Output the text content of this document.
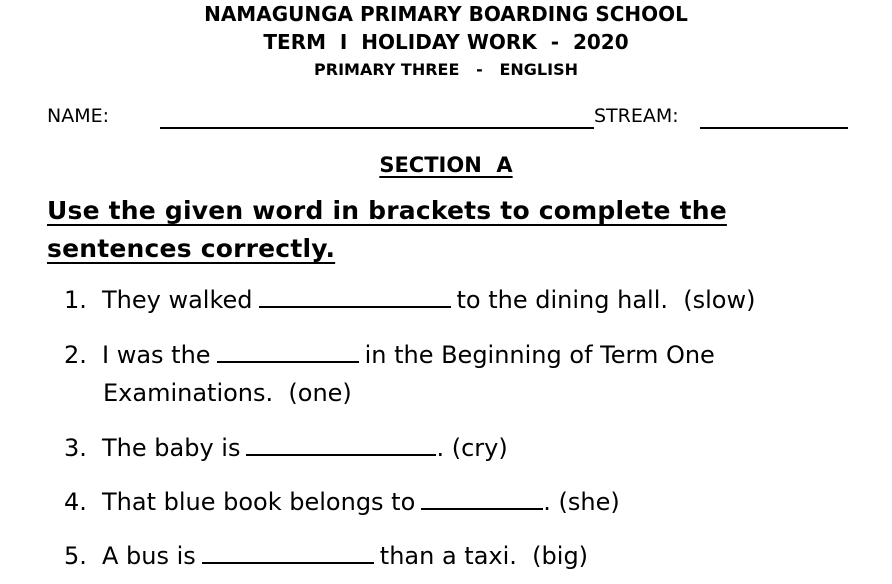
NAMAGUNGA PRIMARY BOARDING SCHOOL
TERM  I  HOLIDAY WORK  -  2020
PRIMARY THREE   -   ENGLISH
NAME:	STREAM:
SECTION  A
Use the given word in brackets to complete the sentences correctly.
1. They walked	to the dining hall.  (slow)
2. I was the	in the Beginning of Term One
Examinations.  (one)
3. The baby is	. (cry)
4. That blue book belongs to	. (she)
5. A bus is	than a taxi.  (big)
